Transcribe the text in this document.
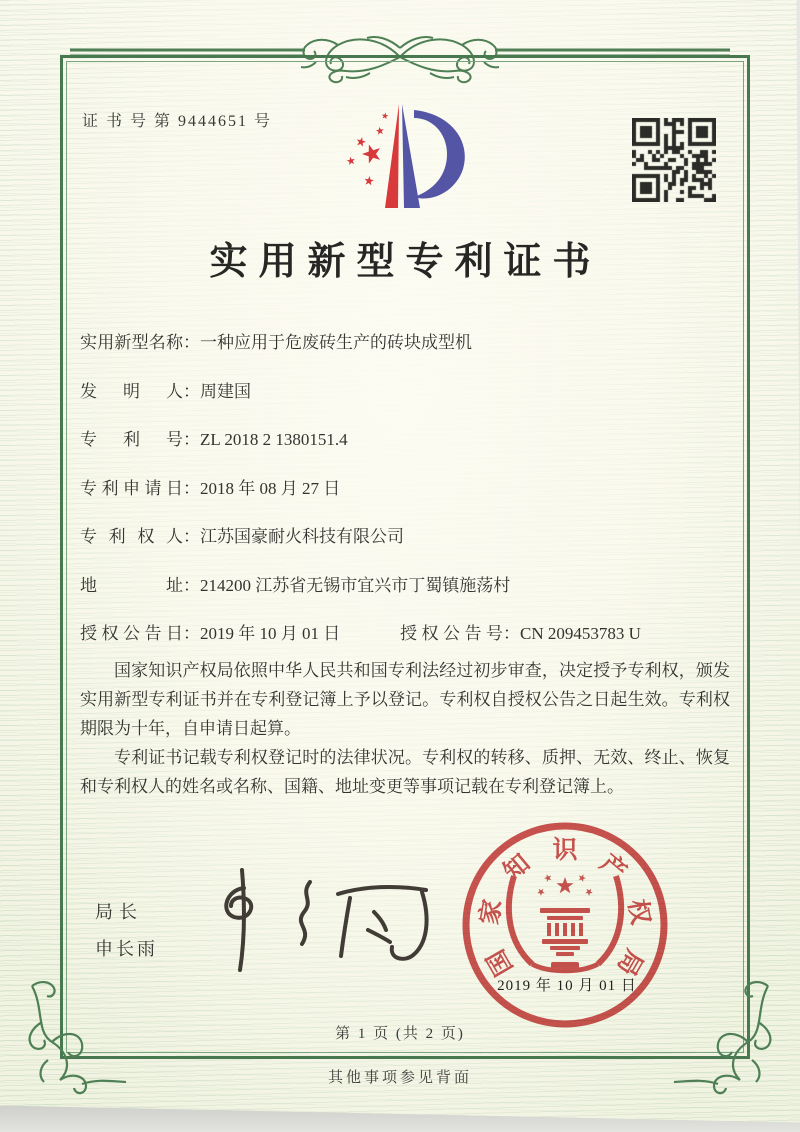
证 书 号 第 9444651 号
实用新型专利证书
实用新型名称：一种应用于危废砖生产的砖块成型机
发明人：周建国
专利号：ZL 2018 2 1380151.4
专利申请日：2018 年 08 月 27 日
专利权人：江苏国豪耐火科技有限公司
地址：214200 江苏省无锡市宜兴市丁蜀镇施荡村
授权公告日：2019 年 10 月 01 日	授权公告号：CN 209453783 U

国家知识产权局依照中华人民共和国专利法经过初步审查，决定授予专利权，颁发实用新型专利证书并在专利登记簿上予以登记。专利权自授权公告之日起生效。专利权期限为十年，自申请日起算。

专利证书记载专利权登记时的法律状况。专利权的转移、质押、无效、终止、恢复和专利权人的姓名或名称、国籍、地址变更等事项记载在专利登记簿上。

局长
申长雨	国
家
知 识 产
权
局
2019 年 10 月 01 日
第 1 页 (共 2 页)
其他事项参见背面
